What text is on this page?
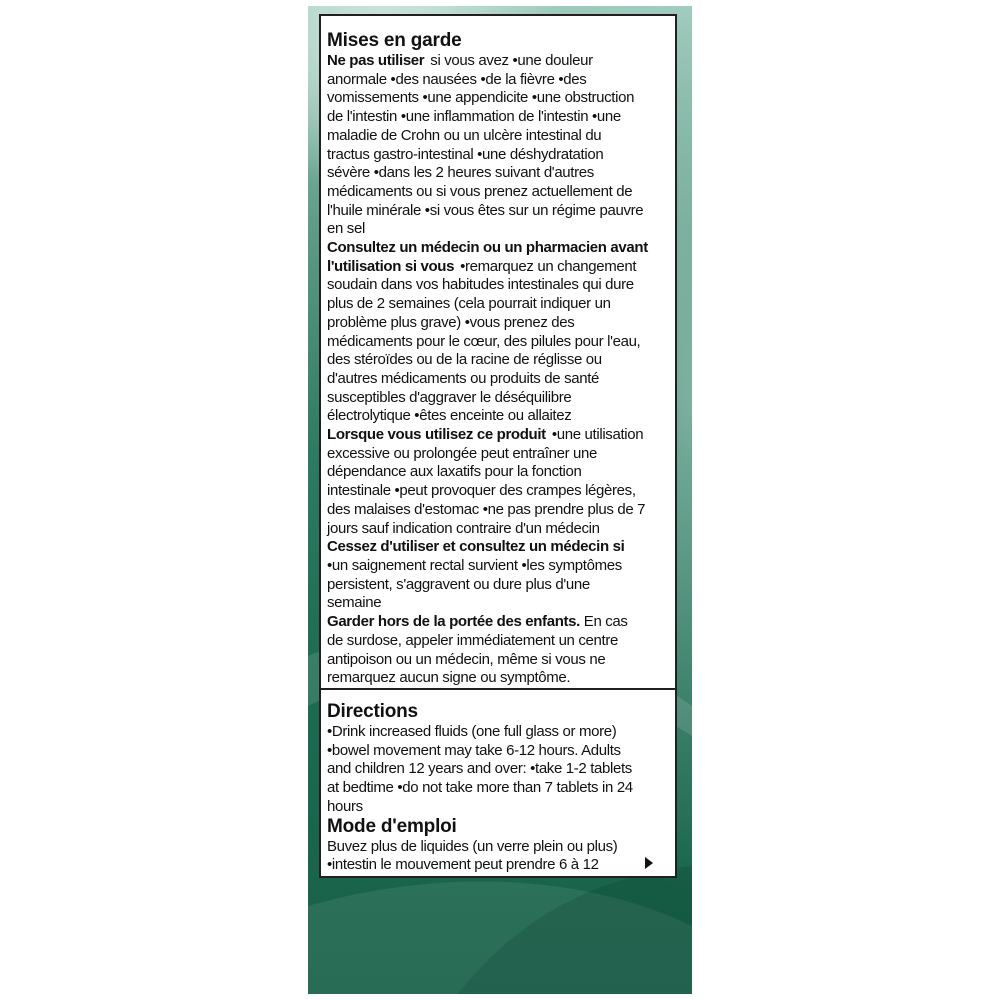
Mises en garde
Ne pas utiliser si vous avez •une douleur
anormale •des nausées •de la fièvre •des
vomissements •une appendicite •une obstruction
de l'intestin •une inflammation de l'intestin •une
maladie de Crohn ou un ulcère intestinal du
tractus gastro-intestinal •une déshydratation
sévère •dans les 2 heures suivant d'autres
médicaments ou si vous prenez actuellement de
l'huile minérale •si vous êtes sur un régime pauvre
en sel
Consultez un médecin ou un pharmacien avant
l'utilisation si vous •remarquez un changement
soudain dans vos habitudes intestinales qui dure
plus de 2 semaines (cela pourrait indiquer un
problème plus grave) •vous prenez des
médicaments pour le cœur, des pilules pour l'eau,
des stéroïdes ou de la racine de réglisse ou
d'autres médicaments ou produits de santé
susceptibles d'aggraver le déséquilibre
électrolytique •êtes enceinte ou allaitez
Lorsque vous utilisez ce produit •une utilisation
excessive ou prolongée peut entraîner une
dépendance aux laxatifs pour la fonction
intestinale •peut provoquer des crampes légères,
des malaises d'estomac •ne pas prendre plus de 7
jours sauf indication contraire d'un médecin
Cessez d'utiliser et consultez un médecin si
•un saignement rectal survient •les symptômes
persistent, s'aggravent ou dure plus d'une
semaine
Garder hors de la portée des enfants. En cas
de surdose, appeler immédiatement un centre
antipoison ou un médecin, même si vous ne
remarquez aucun signe ou symptôme.
Directions
•Drink increased fluids (one full glass or more)
•bowel movement may take 6-12 hours. Adults
and children 12 years and over: •take 1-2 tablets
at bedtime •do not take more than 7 tablets in 24
hours
Mode d'emploi
Buvez plus de liquides (un verre plein ou plus)
•intestin le mouvement peut prendre 6 à 12
